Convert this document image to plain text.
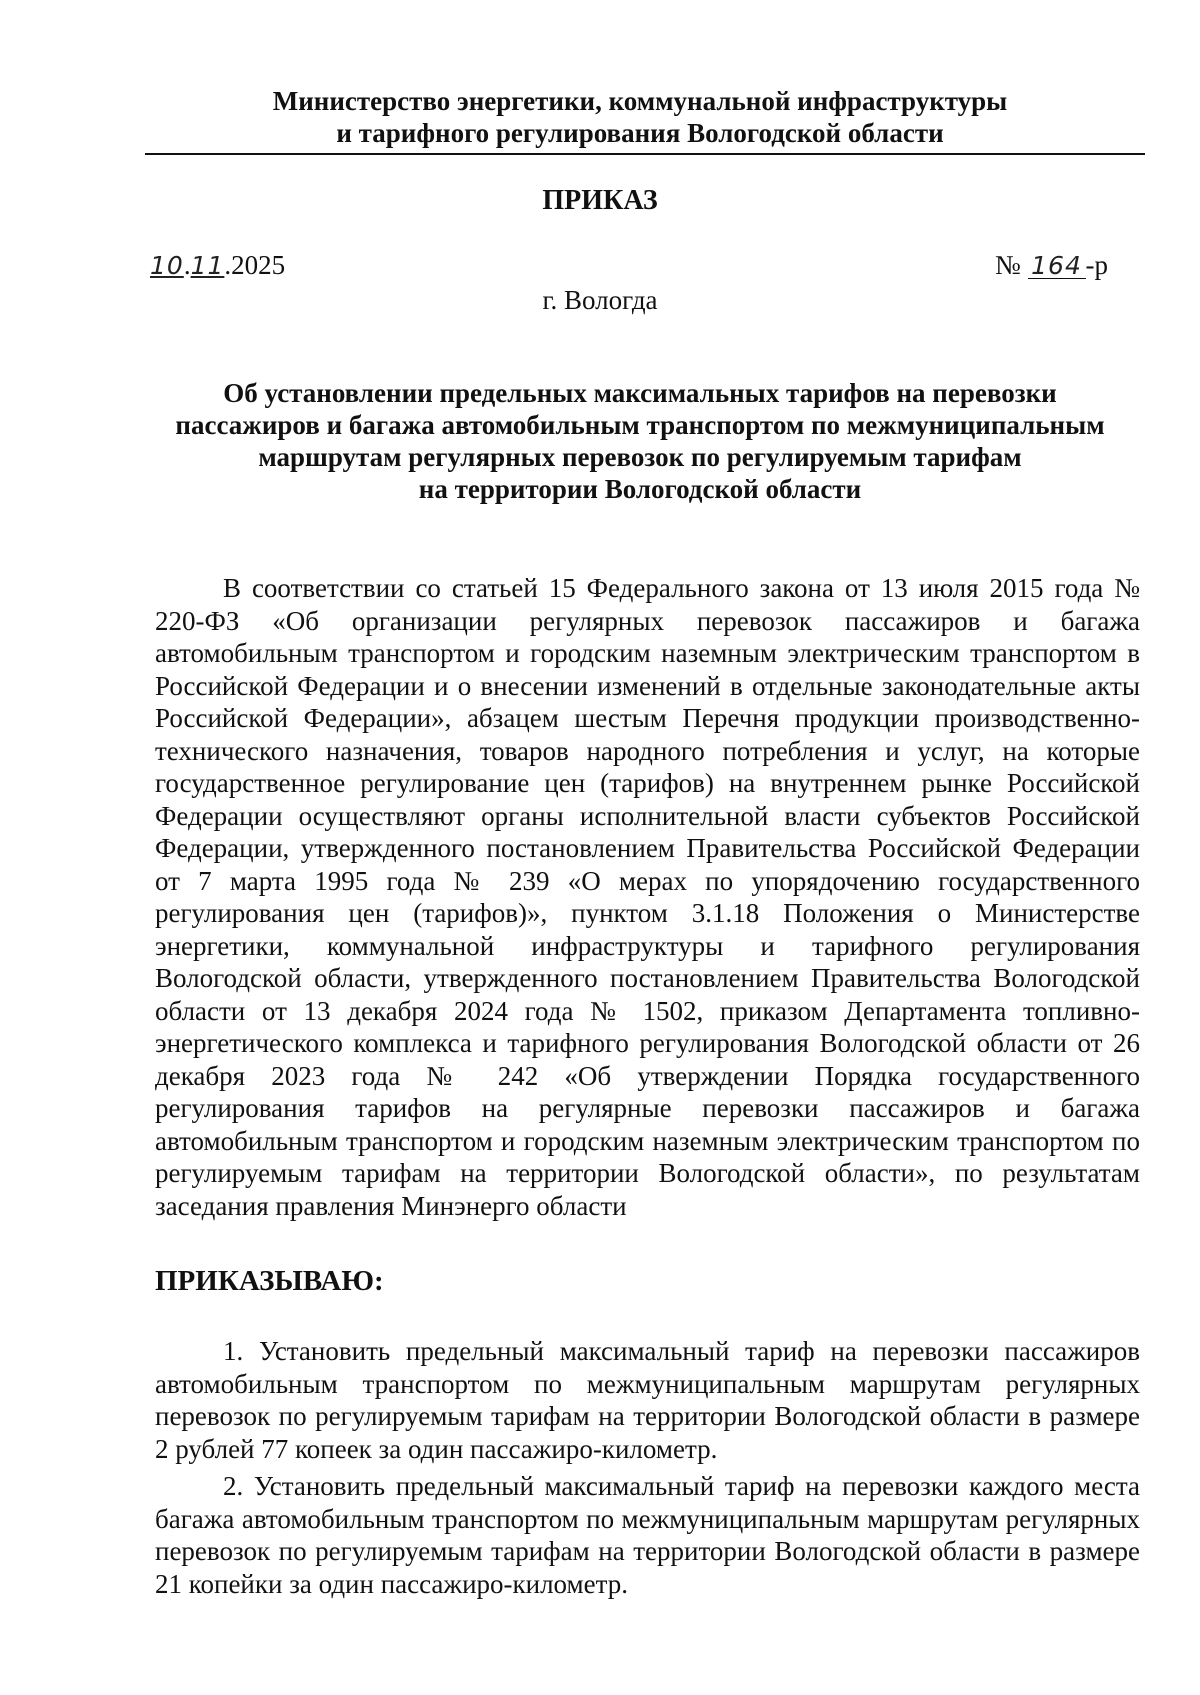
Министерство энергетики, коммунальной инфраструктуры
и тарифного регулирования Вологодской области
ПРИКАЗ
10.11.2025	№ 164 -р
г. Вологда
Об установлении предельных максимальных тарифов на перевозки
пассажиров и багажа автомобильным транспортом по межмуниципальным
маршрутам регулярных перевозок по регулируемым тарифам
на территории Вологодской области

В соответствии со статьей 15 Федерального закона от 13 июля 2015 года № 220-ФЗ «Об организации регулярных перевозок пассажиров и багажа автомобильным транспортом и городским наземным электрическим транспортом в Российской Федерации и о внесении изменений в отдельные законодательные акты Российской Федерации», абзацем шестым Перечня продукции производственно-технического назначения, товаров народного потребления и услуг, на которые государственное регулирование цен (тарифов) на внутреннем рынке Российской Федерации осуществляют органы исполнительной власти субъектов Российской Федерации, утвержденного постановлением Правительства Российской Федерации от 7 марта 1995 года № 239 «О мерах по упорядочению государственного регулирования цен (тарифов)», пунктом 3.1.18 Положения о Министерстве энергетики, коммунальной инфраструктуры и тарифного регулирования Вологодской области, утвержденного постановлением Правительства Вологодской области от 13 декабря 2024 года № 1502, приказом Департамента топливно-энергетического комплекса и тарифного регулирования Вологодской области от 26 декабря 2023 года № 242 «Об утверждении Порядка государственного регулирования тарифов на регулярные перевозки пассажиров и багажа автомобильным транспортом и городским наземным электрическим транспортом по регулируемым тарифам на территории Вологодской области», по результатам заседания правления Минэнерго области

ПРИКАЗЫВАЮ:

1. Установить предельный максимальный тариф на перевозки пассажиров автомобильным транспортом по межмуниципальным маршрутам регулярных перевозок по регулируемым тарифам на территории Вологодской области в размере 2 рублей 77 копеек за один пассажиро-километр.

2. Установить предельный максимальный тариф на перевозки каждого места багажа автомобильным транспортом по межмуниципальным маршрутам регулярных перевозок по регулируемым тарифам на территории Вологодской области в размере 21 копейки за один пассажиро-километр.
